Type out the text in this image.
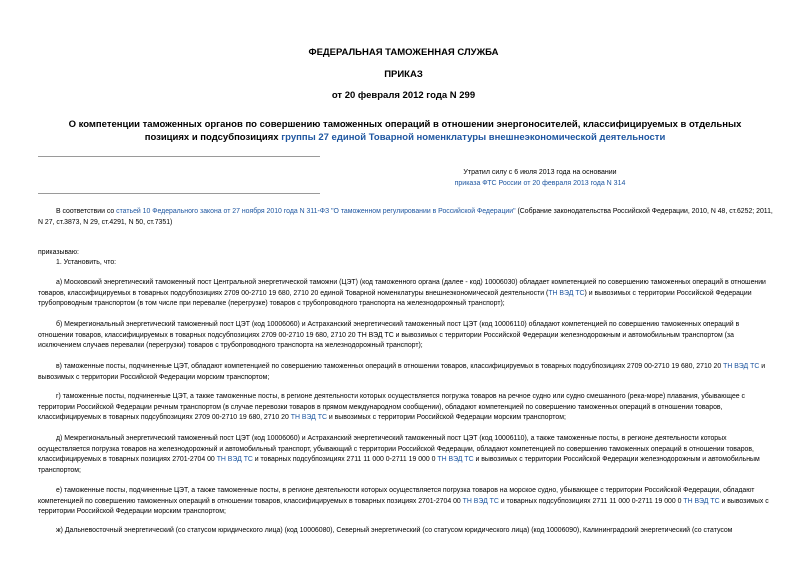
ФЕДЕРАЛЬНАЯ ТАМОЖЕННАЯ СЛУЖБА
ПРИКАЗ
от 20 февраля 2012 года N 299
О компетенции таможенных органов по совершению таможенных операций в отношении энергоносителей, классифицируемых в отдельных позициях и подсубпозициях группы 27 единой Товарной номенклатуры внешнеэкономической деятельности
Утратил силу с 6 июля 2013 года на основании
приказа ФТС России от 20 февраля 2013 года N 314

В соответствии со статьей 10 Федерального закона от 27 ноября 2010 года N 311-ФЗ "О таможенном регулировании в Российской Федерации" (Собрание законодательства Российской Федерации, 2010, N 48, ст.6252; 2011, N 27, ст.3873, N 29, ст.4291, N 50, ст.7351)

приказываю:

1. Установить, что:

а) Московский энергетический таможенный пост Центральной энергетической таможни (ЦЭТ) (код таможенного органа (далее - код) 10006030) обладает компетенцией по совершению таможенных операций в отношении товаров, классифицируемых в товарных подсубпозициях 2709 00-2710 19 680, 2710 20 единой Товарной номенклатуры внешнеэкономической деятельности (ТН ВЭД ТС) и вывозимых с территории Российской Федерации трубопроводным транспортом (в том числе при перевалке (перегрузке) товаров с трубопроводного транспорта на железнодорожный транспорт);

б) Межрегиональный энергетический таможенный пост ЦЭТ (код 10006060) и Астраханский энергетический таможенный пост ЦЭТ (код 10006110) обладают компетенцией по совершению таможенных операций в отношении товаров, классифицируемых в товарных подсубпозициях 2709 00-2710 19 680, 2710 20 ТН ВЭД ТС и вывозимых с территории Российской Федерации железнодорожным и автомобильным транспортом (за исключением случаев перевалки (перегрузки) товаров с трубопроводного транспорта на железнодорожный транспорт);

в) таможенные посты, подчиненные ЦЭТ, обладают компетенцией по совершению таможенных операций в отношении товаров, классифицируемых в товарных подсубпозициях 2709 00-2710 19 680, 2710 20 ТН ВЭД ТС и вывозимых с территории Российской Федерации морским транспортом;

г) таможенные посты, подчиненные ЦЭТ, а также таможенные посты, в регионе деятельности которых осуществляется погрузка товаров на речное судно или судно смешанного (река-море) плавания, убывающее с территории Российской Федерации речным транспортом (в случае перевозки товаров в прямом международном сообщении), обладают компетенцией по совершению таможенных операций в отношении товаров, классифицируемых в товарных подсубпозициях 2709 00-2710 19 680, 2710 20 ТН ВЭД ТС и вывозимых с территории Российской Федерации морским транспортом;

д) Межрегиональный энергетический таможенный пост ЦЭТ (код 10006060) и Астраханский энергетический таможенный пост ЦЭТ (код 10006110), а также таможенные посты, в регионе деятельности которых осуществляется погрузка товаров на железнодорожный и автомобильный транспорт, убывающий с территории Российской Федерации, обладают компетенцией по совершению таможенных операций в отношении товаров, классифицируемых в товарных позициях 2701-2704 00 ТН ВЭД ТС и товарных подсубпозициях 2711 11 000 0-2711 19 000 0 ТН ВЭД ТС и вывозимых с территории Российской Федерации железнодорожным и автомобильным транспортом;

е) таможенные посты, подчиненные ЦЭТ, а также таможенные посты, в регионе деятельности которых осуществляется погрузка товаров на морское судно, убывающее с территории Российской Федерации, обладают компетенцией по совершению таможенных операций в отношении товаров, классифицируемых в товарных позициях 2701-2704 00 ТН ВЭД ТС и товарных подсубпозициях 2711 11 000 0-2711 19 000 0 ТН ВЭД ТС и вывозимых с территории Российской Федерации морским транспортом;

ж) Дальневосточный энергетический (со статусом юридического лица) (код 10006080), Северный энергетический (со статусом юридического лица) (код 10006090), Калининградский энергетический (со статусом
